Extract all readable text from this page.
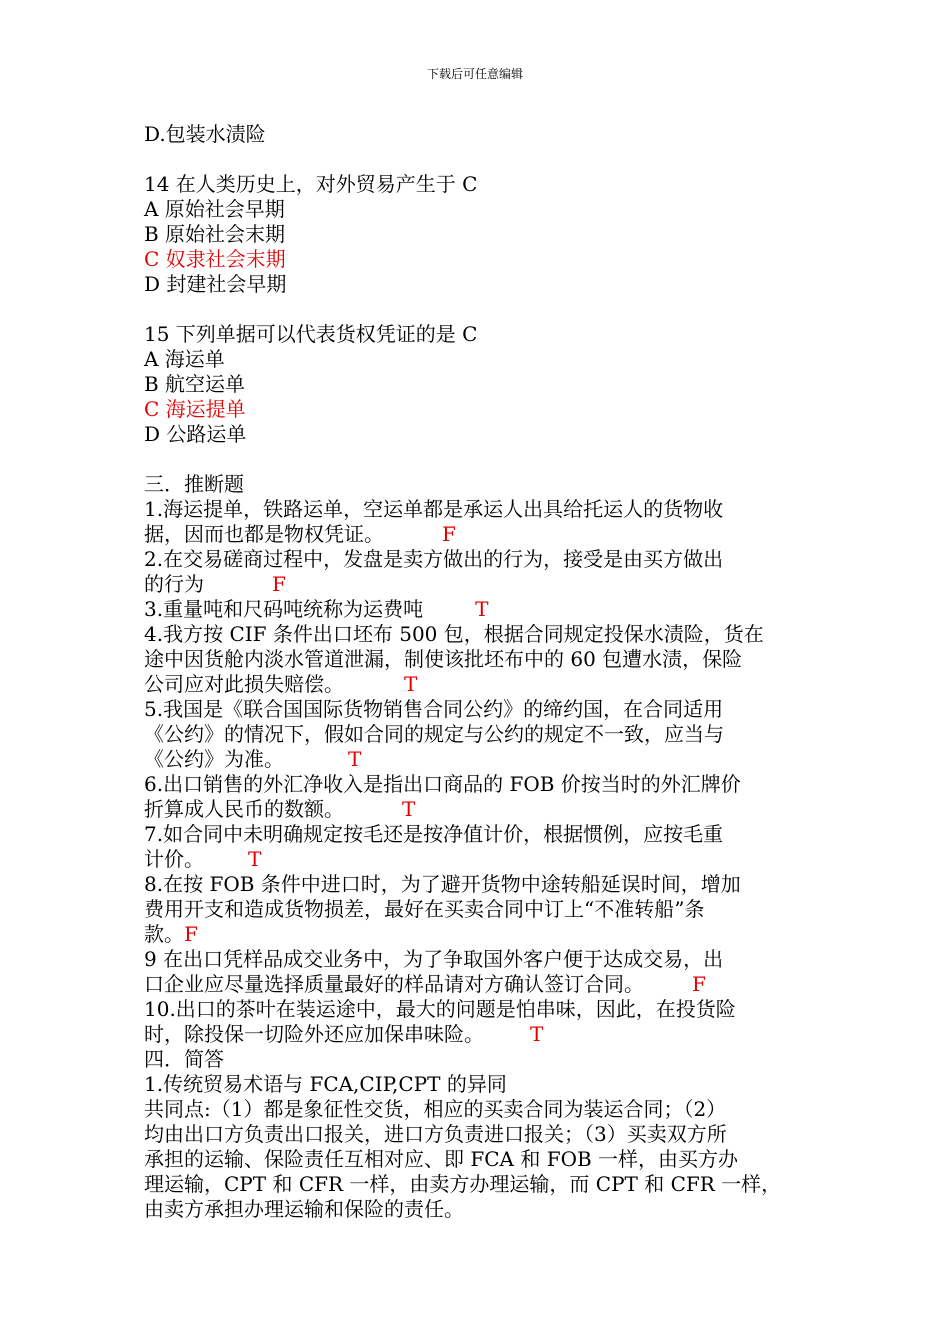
下载后可任意编辑
D.包装水渍险
14 在人类历史上，对外贸易产生于 C
A 原始社会早期
B 原始社会末期
C 奴隶社会末期
D 封建社会早期
15 下列单据可以代表货权凭证的是 C
A 海运单
B 航空运单
C 海运提单
D 公路运单
三．推断题
1.海运提单，铁路运单，空运单都是承运人出具给托运人的货物收
据，因而也都是物权凭证。	F
2.在交易磋商过程中，发盘是卖方做出的行为，接受是由买方做出
的行为	F
3.重量吨和尺码吨统称为运费吨	T
4.我方按 CIF 条件出口坯布 500 包，根据合同规定投保水渍险，货在
途中因货舱内淡水管道泄漏，制使该批坯布中的 60 包遭水渍，保险
公司应对此损失赔偿。	T
5.我国是《联合国国际货物销售合同公约》的缔约国，在合同适用
《公约》的情况下，假如合同的规定与公约的规定不一致，应当与
《公约》为准。	T
6.出口销售的外汇净收入是指出口商品的 FOB 价按当时的外汇牌价
折算成人民币的数额。	T
7.如合同中未明确规定按毛还是按净值计价，根据惯例，应按毛重
计价。 T
8.在按 FOB 条件中进口时，为了避开货物中途转船延误时间，增加
费用开支和造成货物损差，最好在买卖合同中订上“不准转船”条
款。F
9 在出口凭样品成交业务中，为了争取国外客户便于达成交易，出
口企业应尽量选择质量最好的样品请对方确认签订合同。 F
10.出口的茶叶在装运途中，最大的问题是怕串味，因此，在投货险
时，除投保一切险外还应加保串味险。 T
四．简答
1.传统贸易术语与 FCA,CIP,CPT 的异同
共同点:（1）都是象征性交货，相应的买卖合同为装运合同；（2）
均由出口方负责出口报关，进口方负责进口报关；（3）买卖双方所
承担的运输、保险责任互相对应、即 FCA 和 FOB 一样，由买方办
理运输，CPT 和 CFR 一样，由卖方办理运输，而 CPT 和 CFR 一样，
由卖方承担办理运输和保险的责任。
